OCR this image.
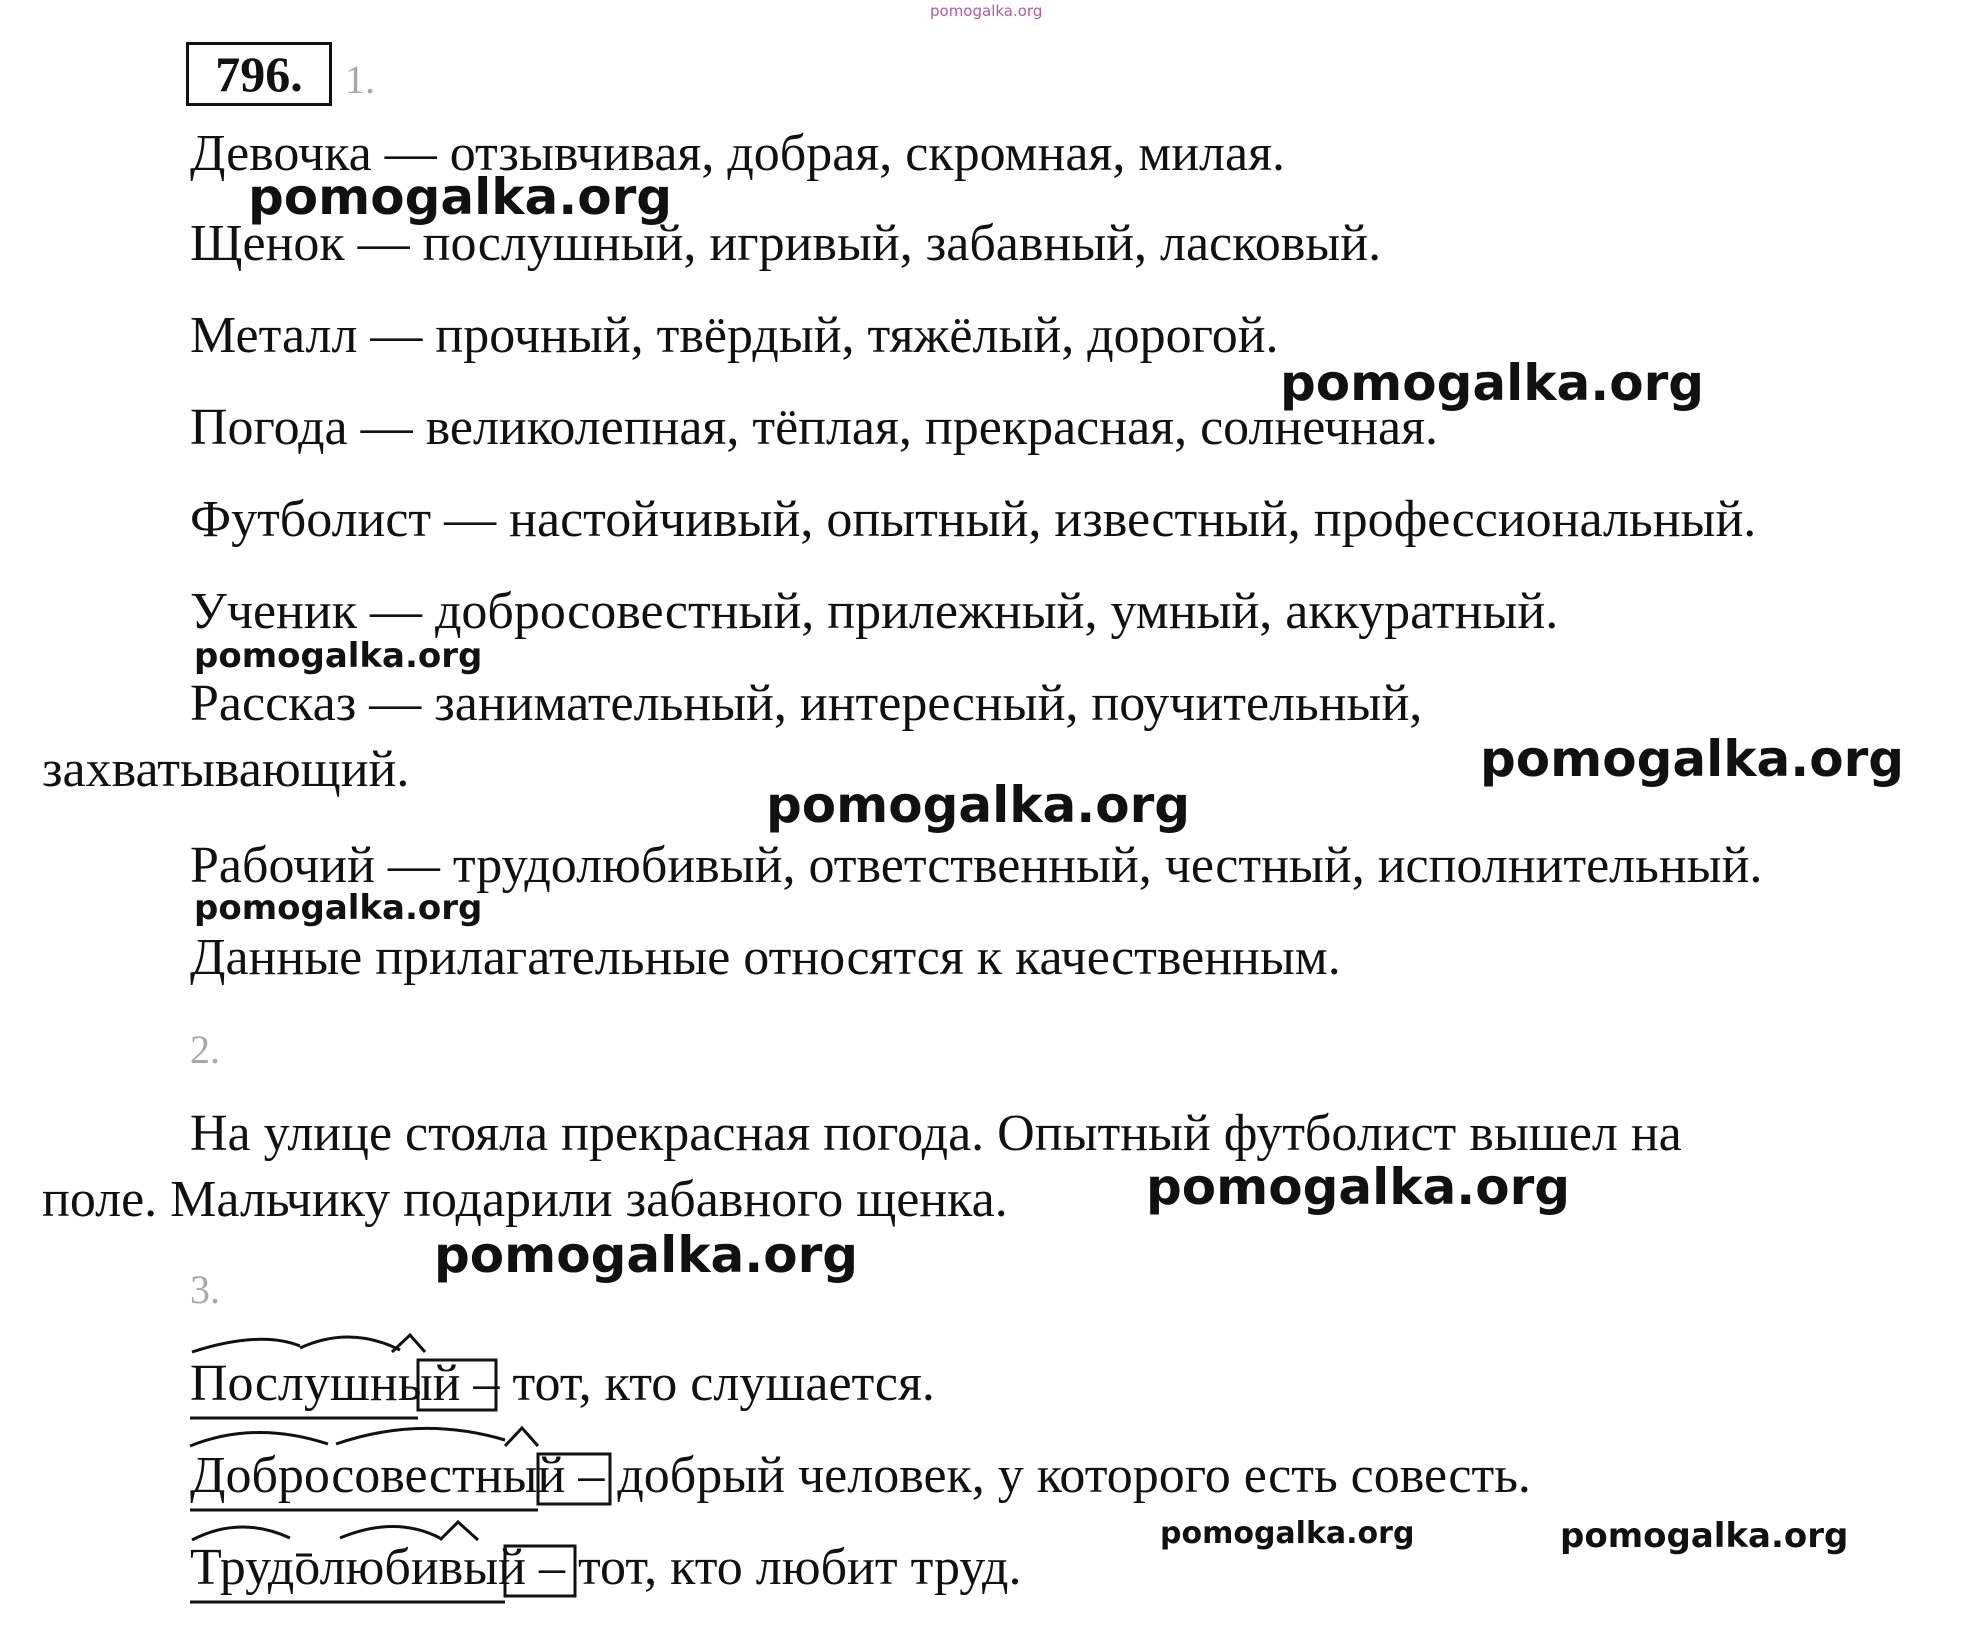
pomogalka.org
796.	1.
Девочка — отзывчивая, добрая, скромная, милая.
Щенок — послушный, игривый, забавный, ласковый.
Металл — прочный, твёрдый, тяжёлый, дорогой.
Погода — великолепная, тёплая, прекрасная, солнечная.
Футболист — настойчивый, опытный, известный, профессиональный.
Ученик — добросовестный, прилежный, умный, аккуратный.
Рассказ — занимательный, интересный, поучительный,
захватывающий.
Рабочий — трудолюбивый, ответственный, честный, исполнительный.
Данные прилагательные относятся к качественным.
2.
На улице стояла прекрасная погода. Опытный футболист вышел на
поле. Мальчику подарили забавного щенка.
3.
Послушный – тот, кто слушается.
Добросовестный – добрый человек, у которого есть совесть.
Трудолюбивый – тот, кто любит труд.
pomogalka.org
pomogalka.org
pomogalka.org
pomogalka.org
pomogalka.org
pomogalka.org
pomogalka.org
pomogalka.org
pomogalka.org	pomogalka.org
